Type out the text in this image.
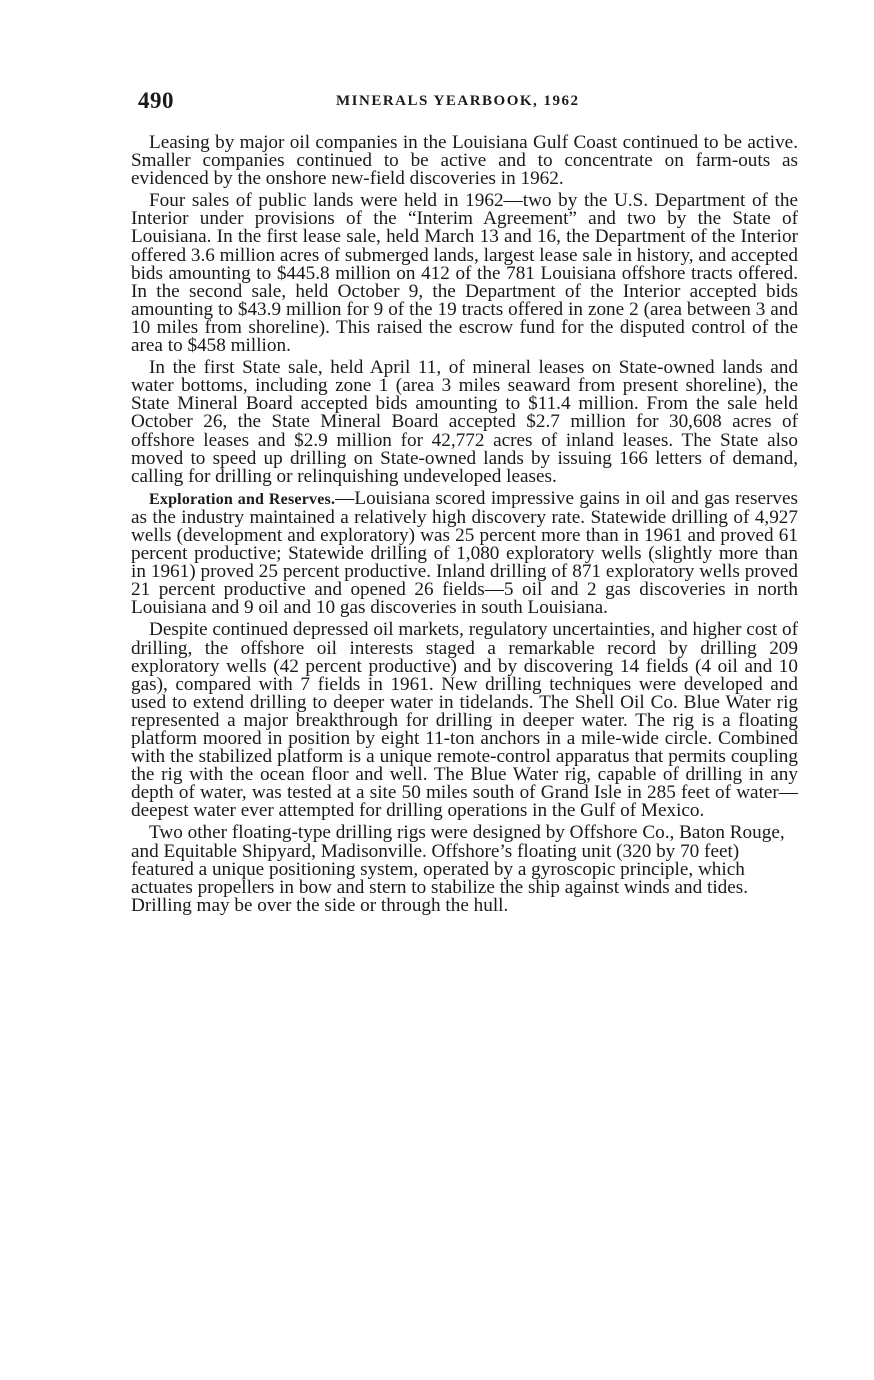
490	MINERALS YEARBOOK, 1962

Leasing by major oil companies in the Louisiana Gulf Coast continued to be active. Smaller companies continued to be active and to concentrate on farm-outs as evidenced by the onshore new-field discoveries in 1962.

Four sales of public lands were held in 1962—two by the U.S. Department of the Interior under provisions of the “Interim Agreement” and two by the State of Louisiana. In the first lease sale, held March 13 and 16, the Department of the Interior offered 3.6 million acres of submerged lands, largest lease sale in history, and accepted bids amounting to $445.8 million on 412 of the 781 Louisiana offshore tracts offered. In the second sale, held October 9, the Department of the Interior accepted bids amounting to $43.9 million for 9 of the 19 tracts offered in zone 2 (area between 3 and 10 miles from shoreline). This raised the escrow fund for the disputed control of the area to $458 million.

In the first State sale, held April 11, of mineral leases on State-owned lands and water bottoms, including zone 1 (area 3 miles seaward from present shoreline), the State Mineral Board accepted bids amounting to $11.4 million. From the sale held October 26, the State Mineral Board accepted $2.7 million for 30,608 acres of offshore leases and $2.9 million for 42,772 acres of inland leases. The State also moved to speed up drilling on State-owned lands by issuing 166 letters of demand, calling for drilling or relinquishing undeveloped leases.

Exploration and Reserves.—Louisiana scored impressive gains in oil and gas reserves as the industry maintained a relatively high discovery rate. Statewide drilling of 4,927 wells (development and exploratory) was 25 percent more than in 1961 and proved 61 percent productive; Statewide drilling of 1,080 exploratory wells (slightly more than in 1961) proved 25 percent productive. Inland drilling of 871 exploratory wells proved 21 percent productive and opened 26 fields—5 oil and 2 gas discoveries in north Louisiana and 9 oil and 10 gas discoveries in south Louisiana.

Despite continued depressed oil markets, regulatory uncertainties, and higher cost of drilling, the offshore oil interests staged a remarkable record by drilling 209 exploratory wells (42 percent productive) and by discovering 14 fields (4 oil and 10 gas), compared with 7 fields in 1961. New drilling techniques were developed and used to extend drilling to deeper water in tidelands. The Shell Oil Co. Blue Water rig represented a major breakthrough for drilling in deeper water. The rig is a floating platform moored in position by eight 11-ton anchors in a mile-wide circle. Combined with the stabilized platform is a unique remote-control apparatus that permits coupling the rig with the ocean floor and well. The Blue Water rig, capable of drilling in any depth of water, was tested at a site 50 miles south of Grand Isle in 285 feet of water—deepest water ever attempted for drilling operations in the Gulf of Mexico.

Two other floating-type drilling rigs were designed by Offshore Co., Baton Rouge, and Equitable Shipyard, Madisonville. Offshore’s floating unit (320 by 70 feet) featured a unique positioning system, operated by a gyroscopic principle, which actuates propellers in bow and stern to stabilize the ship against winds and tides. Drilling may be over the side or through the hull.
